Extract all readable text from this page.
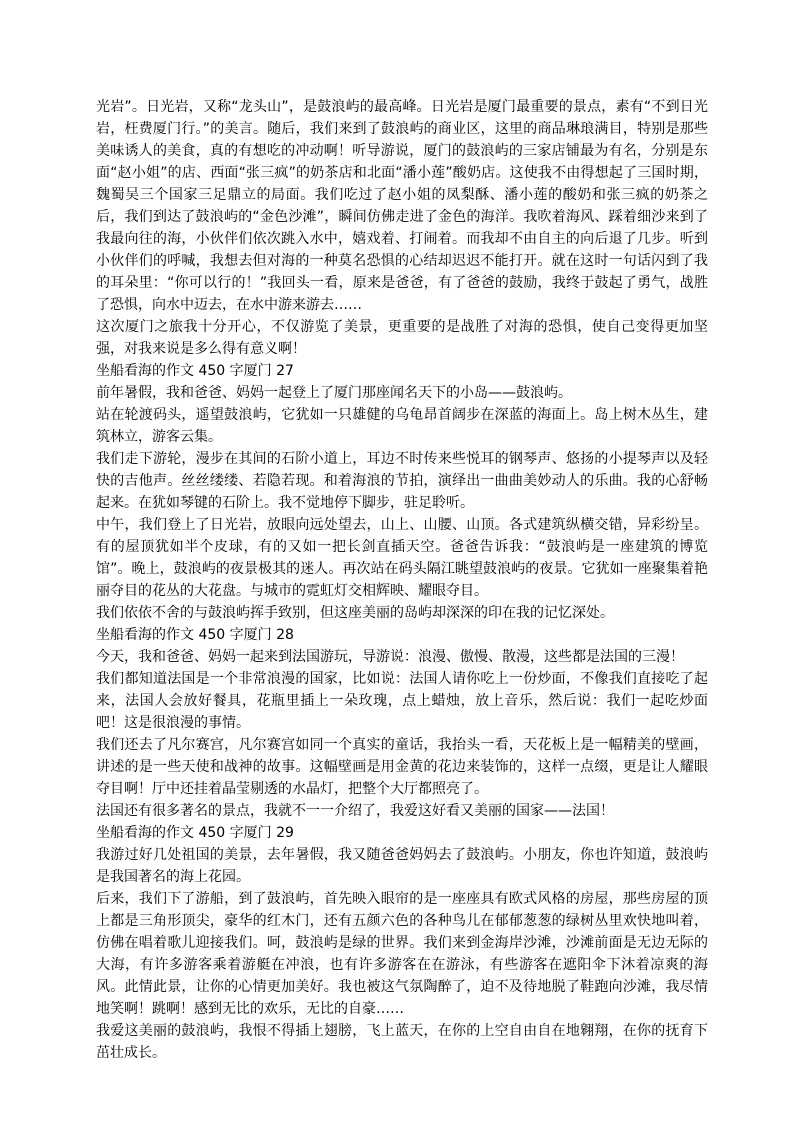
光岩”。日光岩，又称“龙头山”，是鼓浪屿的最高峰。日光岩是厦门最重要的景点，素有“不到日光岩，枉费厦门行。”的美言。随后，我们来到了鼓浪屿的商业区，这里的商品琳琅满目，特别是那些美味诱人的美食，真的有想吃的冲动啊！听导游说，厦门的鼓浪屿的三家店铺最为有名，分别是东面“赵小姐”的店、西面“张三疯”的奶茶店和北面“潘小莲”酸奶店。这使我不由得想起了三国时期，魏蜀吴三个国家三足鼎立的局面。我们吃过了赵小姐的凤梨酥、潘小莲的酸奶和张三疯的奶茶之后，我们到达了鼓浪屿的“金色沙滩”，瞬间仿佛走进了金色的海洋。我吹着海风、踩着细沙来到了我最向往的海，小伙伴们依次跳入水中，嬉戏着、打闹着。而我却不由自主的向后退了几步。听到小伙伴们的呼喊，我想去但对海的一种莫名恐惧的心结却迟迟不能打开。就在这时一句话闪到了我的耳朵里：“你可以行的！”我回头一看，原来是爸爸，有了爸爸的鼓励，我终于鼓起了勇气，战胜了恐惧，向水中迈去，在水中游来游去……

这次厦门之旅我十分开心，不仅游览了美景，更重要的是战胜了对海的恐惧，使自己变得更加坚强，对我来说是多么得有意义啊！

坐船看海的作文 450 字厦门 27

前年暑假，我和爸爸、妈妈一起登上了厦门那座闻名天下的小岛——鼓浪屿。

站在轮渡码头，遥望鼓浪屿，它犹如一只雄健的乌龟昂首阔步在深蓝的海面上。岛上树木丛生，建筑林立，游客云集。

我们走下游轮，漫步在其间的石阶小道上，耳边不时传来些悦耳的钢琴声、悠扬的小提琴声以及轻快的吉他声。丝丝缕缕、若隐若现。和着海浪的节拍，演绎出一曲曲美妙动人的乐曲。我的心舒畅起来。在犹如琴键的石阶上。我不觉地停下脚步，驻足聆听。

中午，我们登上了日光岩，放眼向远处望去，山上、山腰、山顶。各式建筑纵横交错，异彩纷呈。有的屋顶犹如半个皮球，有的又如一把长剑直插天空。爸爸告诉我：“鼓浪屿是一座建筑的博览馆”。晚上，鼓浪屿的夜景极其的迷人。再次站在码头隔江眺望鼓浪屿的夜景。它犹如一座聚集着艳丽夺目的花丛的大花盘。与城市的霓虹灯交相辉映、耀眼夺目。

我们依依不舍的与鼓浪屿挥手致别，但这座美丽的岛屿却深深的印在我的记忆深处。

坐船看海的作文 450 字厦门 28

今天，我和爸爸、妈妈一起来到法国游玩，导游说：浪漫、傲慢、散漫，这些都是法国的三漫！

我们都知道法国是一个非常浪漫的国家，比如说：法国人请你吃上一份炒面，不像我们直接吃了起来，法国人会放好餐具，花瓶里插上一朵玫瑰，点上蜡烛，放上音乐，然后说：我们一起吃炒面吧！这是很浪漫的事情。

我们还去了凡尔赛宫，凡尔赛宫如同一个真实的童话，我抬头一看，天花板上是一幅精美的壁画，讲述的是一些天使和战神的故事。这幅壁画是用金黄的花边来装饰的，这样一点缀，更是让人耀眼夺目啊！厅中还挂着晶莹剔透的水晶灯，把整个大厅都照亮了。

法国还有很多著名的景点，我就不一一介绍了，我爱这好看又美丽的国家——法国！

坐船看海的作文 450 字厦门 29

我游过好几处祖国的美景，去年暑假，我又随爸爸妈妈去了鼓浪屿。小朋友，你也许知道，鼓浪屿是我国著名的海上花园。

后来，我们下了游船，到了鼓浪屿，首先映入眼帘的是一座座具有欧式风格的房屋，那些房屋的顶上都是三角形顶尖，豪华的红木门，还有五颜六色的各种鸟儿在郁郁葱葱的绿树丛里欢快地叫着，仿佛在唱着歌儿迎接我们。呵，鼓浪屿是绿的世界。我们来到金海岸沙滩，沙滩前面是无边无际的大海，有许多游客乘着游艇在冲浪，也有许多游客在在游泳，有些游客在遮阳伞下沐着凉爽的海风。此情此景，让你的心情更加美好。我也被这气氛陶醉了，迫不及待地脱了鞋跑向沙滩，我尽情地笑啊！跳啊！感到无比的欢乐，无比的自豪……

我爱这美丽的鼓浪屿，我恨不得插上翅膀，飞上蓝天，在你的上空自由自在地翱翔，在你的抚育下茁壮成长。
